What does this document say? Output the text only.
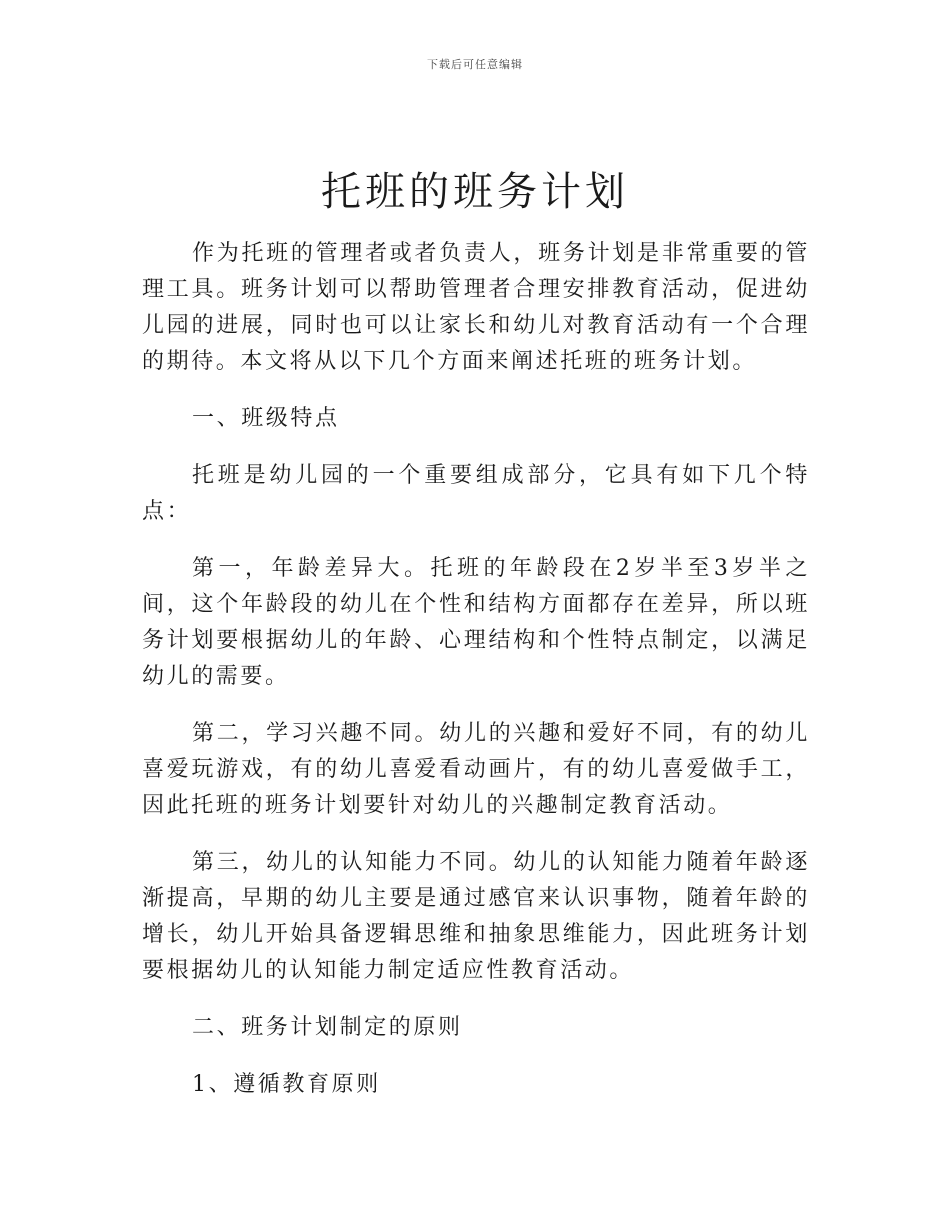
下载后可任意编辑
托班的班务计划

作为托班的管理者或者负责人，班务计划是非常重要的管理工具。班务计划可以帮助管理者合理安排教育活动，促进幼儿园的进展，同时也可以让家长和幼儿对教育活动有一个合理的期待。本文将从以下几个方面来阐述托班的班务计划。

一、班级特点

托班是幼儿园的一个重要组成部分，它具有如下几个特点：

第一，年龄差异大。托班的年龄段在2岁半至3岁半之间，这个年龄段的幼儿在个性和结构方面都存在差异，所以班务计划要根据幼儿的年龄、心理结构和个性特点制定，以满足幼儿的需要。

第二，学习兴趣不同。幼儿的兴趣和爱好不同，有的幼儿喜爱玩游戏，有的幼儿喜爱看动画片，有的幼儿喜爱做手工，因此托班的班务计划要针对幼儿的兴趣制定教育活动。

第三，幼儿的认知能力不同。幼儿的认知能力随着年龄逐渐提高，早期的幼儿主要是通过感官来认识事物，随着年龄的增长，幼儿开始具备逻辑思维和抽象思维能力，因此班务计划要根据幼儿的认知能力制定适应性教育活动。

二、班务计划制定的原则

1、遵循教育原则
